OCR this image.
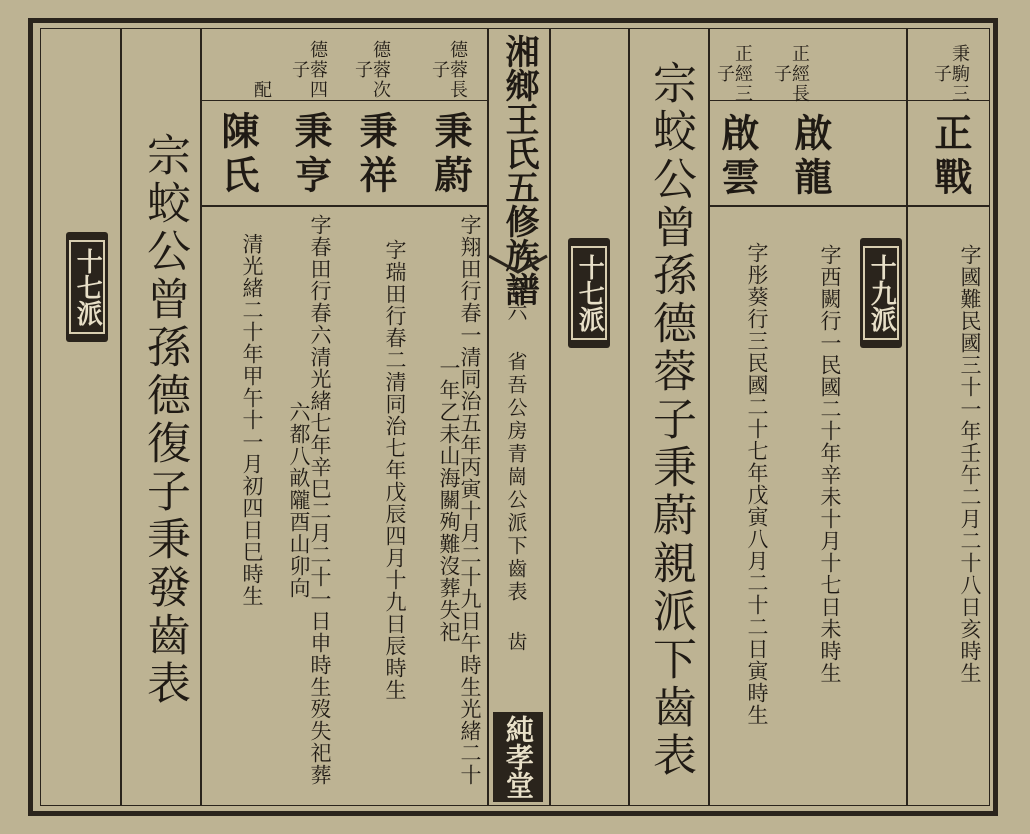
秉駒三子
正戰
字國難民國三十一年壬午二月二十八日亥時生
正經長子
啟龍
字西闕行一民國二十年辛未十月十七日未時生
正經三子
啟雲
字彤葵行三民國二十七年戊寅八月二十二日寅時生	十九派
宗蛟公曾孫德蓉子秉蔚親派下齒表
十七派
湘鄉王氏五修族譜
卷六 省吾公房青崗公派下齒表 齿
純孝堂
德蓉長子
秉蔚
字翔田行春一清同治五年丙寅十月二十九日午時生光緒二十一年乙未山海關殉難沒葬失祀
德蓉次子
秉祥
字瑞田行春二清同治七年戊辰四月十九日辰時生
德蓉四子
秉亨
字春田行春六清光緒七年辛巳二月二十一日申時生歿失祀葬六都八畝隴酉山卯向
配
陳氏
清光緒二十年甲午十一月初四日巳時生
宗蛟公曾孫德復子秉發齒表
十七派
